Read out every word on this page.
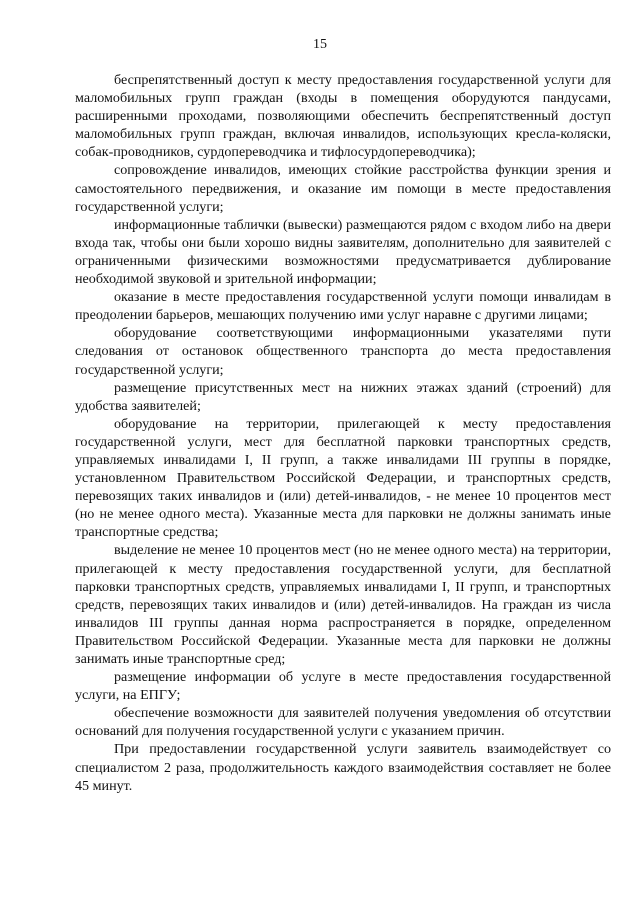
15

беспрепятственный доступ к месту предоставления государственной услуги для маломобильных групп граждан (входы в помещения оборудуются пандусами, расширенными проходами, позволяющими обеспечить беспрепятственный доступ маломобильных групп граждан, включая инвалидов, использующих кресла-коляски, собак-проводников, сурдопереводчика и тифлосурдопереводчика);

сопровождение инвалидов, имеющих стойкие расстройства функции зрения и самостоятельного передвижения, и оказание им помощи в месте предоставления государственной услуги;

информационные таблички (вывески) размещаются рядом с входом либо на двери входа так, чтобы они были хорошо видны заявителям, дополнительно для заявителей с ограниченными физическими возможностями предусматривается дублирование необходимой звуковой и зрительной информации;

оказание в месте предоставления государственной услуги помощи инвалидам в преодолении барьеров, мешающих получению ими услуг наравне с другими лицами;

оборудование соответствующими информационными указателями пути следования от остановок общественного транспорта до места предоставления государственной услуги;

размещение присутственных мест на нижних этажах зданий (строений) для удобства заявителей;

оборудование на территории, прилегающей к месту предоставления государственной услуги, мест для бесплатной парковки транспортных средств, управляемых инвалидами I, II групп, а также инвалидами III группы в порядке, установленном Правительством Российской Федерации, и транспортных средств, перевозящих таких инвалидов и (или) детей-инвалидов, - не менее 10 процентов мест (но не менее одного места). Указанные места для парковки не должны занимать иные транспортные средства;

выделение не менее 10 процентов мест (но не менее одного места) на территории, прилегающей к месту предоставления государственной услуги, для бесплатной парковки транспортных средств, управляемых инвалидами I, II групп, и транспортных средств, перевозящих таких инвалидов и (или) детей-инвалидов. На граждан из числа инвалидов III группы данная норма распространяется в порядке, определенном Правительством Российской Федерации. Указанные места для парковки не должны занимать иные транспортные сред;

размещение информации об услуге в месте предоставления государственной услуги, на ЕПГУ;

обеспечение возможности для заявителей получения уведомления об отсутствии оснований для получения государственной услуги с указанием причин.

При предоставлении государственной услуги заявитель взаимодействует со специалистом 2 раза, продолжительность каждого взаимодействия составляет не более 45 минут.
